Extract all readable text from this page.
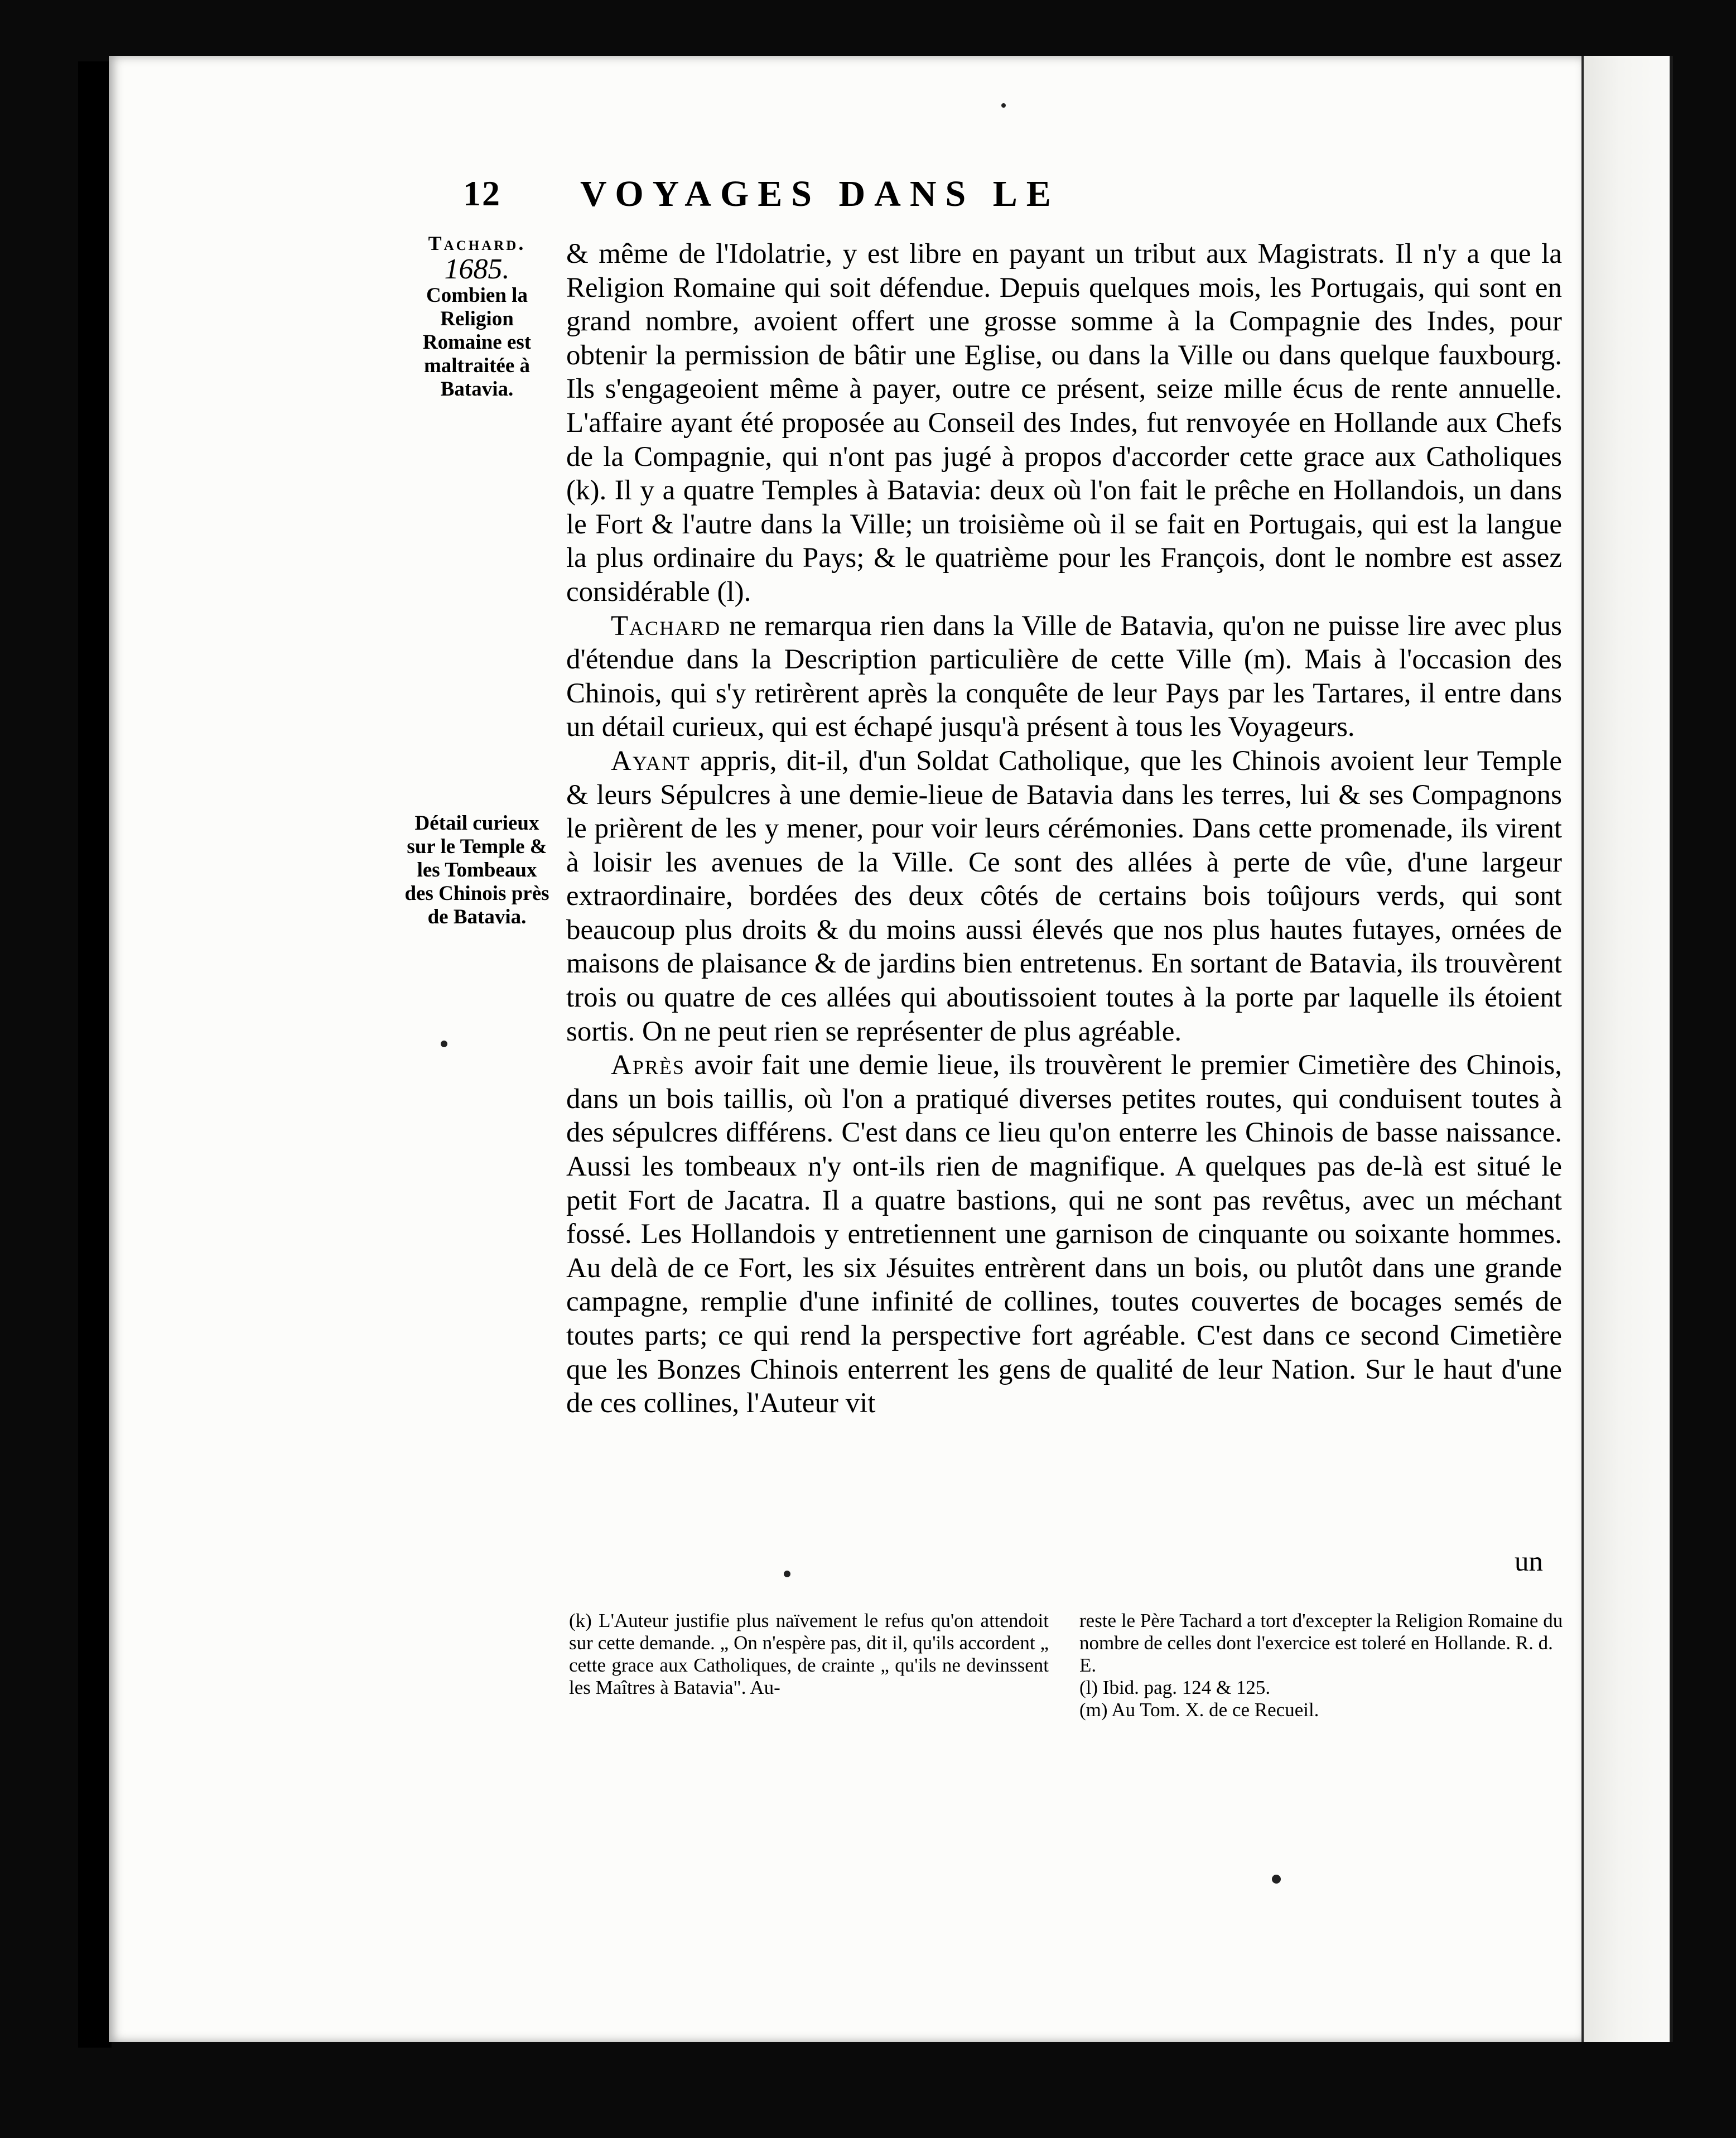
12 VOYAGES DANS LE
Tachard.
1685.
Combien la Religion Romaine est maltraitée à Batavia.
Détail curieux sur le Temple & les Tombeaux des Chinois près de Batavia.

& même de l'Idolatrie, y est libre en payant un tribut aux Magistrats. Il n'y a que la Religion Romaine qui soit défendue. Depuis quelques mois, les Portugais, qui sont en grand nombre, avoient offert une grosse somme à la Compagnie des Indes, pour obtenir la permission de bâtir une Eglise, ou dans la Ville ou dans quelque fauxbourg. Ils s'engageoient même à payer, outre ce présent, seize mille écus de rente annuelle. L'affaire ayant été proposée au Conseil des Indes, fut renvoyée en Hollande aux Chefs de la Compagnie, qui n'ont pas jugé à propos d'accorder cette grace aux Catholiques (k). Il y a quatre Temples à Batavia: deux où l'on fait le prêche en Hollandois, un dans le Fort & l'autre dans la Ville; un troisième où il se fait en Portugais, qui est la langue la plus ordinaire du Pays; & le quatrième pour les François, dont le nombre est assez considérable (l).

Tachard ne remarqua rien dans la Ville de Batavia, qu'on ne puisse lire avec plus d'étendue dans la Description particulière de cette Ville (m). Mais à l'occasion des Chinois, qui s'y retirèrent après la conquête de leur Pays par les Tartares, il entre dans un détail curieux, qui est échapé jusqu'à présent à tous les Voyageurs.

Ayant appris, dit-il, d'un Soldat Catholique, que les Chinois avoient leur Temple & leurs Sépulcres à une demie-lieue de Batavia dans les terres, lui & ses Compagnons le prièrent de les y mener, pour voir leurs cérémonies. Dans cette promenade, ils virent à loisir les avenues de la Ville. Ce sont des allées à perte de vûe, d'une largeur extraordinaire, bordées des deux côtés de certains bois toûjours verds, qui sont beaucoup plus droits & du moins aussi élevés que nos plus hautes futayes, ornées de maisons de plaisance & de jardins bien entretenus. En sortant de Batavia, ils trouvèrent trois ou quatre de ces allées qui aboutissoient toutes à la porte par laquelle ils étoient sortis. On ne peut rien se représenter de plus agréable.

Après avoir fait une demie lieue, ils trouvèrent le premier Cimetière des Chinois, dans un bois taillis, où l'on a pratiqué diverses petites routes, qui conduisent toutes à des sépulcres différens. C'est dans ce lieu qu'on enterre les Chinois de basse naissance. Aussi les tombeaux n'y ont-ils rien de magnifique. A quelques pas de-là est situé le petit Fort de Jacatra. Il a quatre bastions, qui ne sont pas revêtus, avec un méchant fossé. Les Hollandois y entretiennent une garnison de cinquante ou soixante hommes. Au delà de ce Fort, les six Jésuites entrèrent dans un bois, ou plutôt dans une grande campagne, remplie d'une infinité de collines, toutes couvertes de bocages semés de toutes parts; ce qui rend la perspective fort agréable. C'est dans ce second Cimetière que les Bonzes Chinois enterrent les gens de qualité de leur Nation. Sur le haut d'une de ces collines, l'Auteur vit

un

(k) L'Auteur justifie plus naïvement le refus qu'on attendoit sur cette demande. „ On n'espère pas, dit il, qu'ils accordent „ cette grace aux Catholiques, de crainte „ qu'ils ne devinssent les Maîtres à Batavia". Au-

reste le Père Tachard a tort d'excepter la Religion Romaine du nombre de celles dont l'exercice est toleré en Hollande. R. d. E.

(l) Ibid. pag. 124 & 125.

(m) Au Tom. X. de ce Recueil.
